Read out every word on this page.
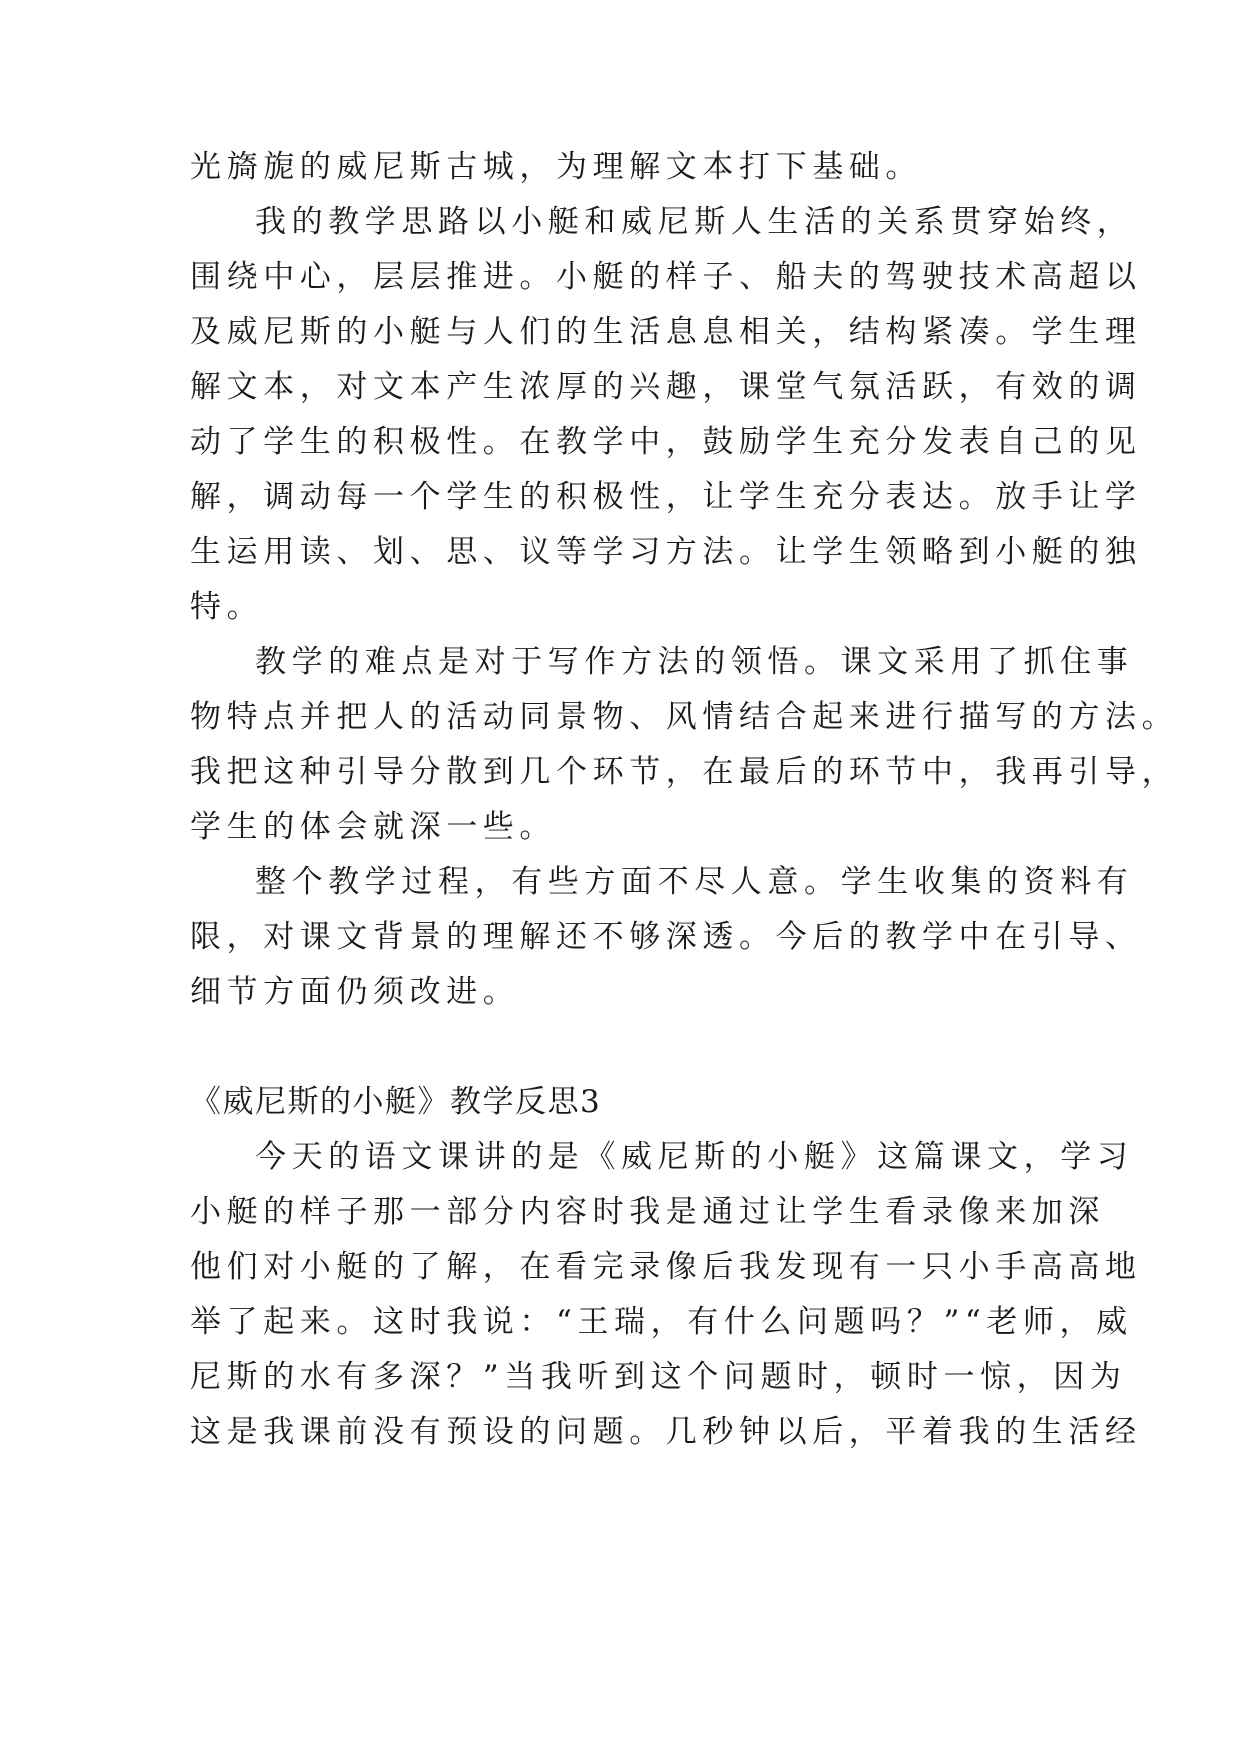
光旖旎的威尼斯古城，为理解文本打下基础。

我的教学思路以小艇和威尼斯人生活的关系贯穿始终，

围绕中心，层层推进。小艇的样子、船夫的驾驶技术高超以

及威尼斯的小艇与人们的生活息息相关，结构紧凑。学生理

解文本，对文本产生浓厚的兴趣，课堂气氛活跃，有效的调

动了学生的积极性。在教学中，鼓励学生充分发表自己的见

解，调动每一个学生的积极性，让学生充分表达。放手让学

生运用读、划、思、议等学习方法。让学生领略到小艇的独

特。

教学的难点是对于写作方法的领悟。课文采用了抓住事

物特点并把人的活动同景物、风情结合起来进行描写的方法。

我把这种引导分散到几个环节，在最后的环节中，我再引导，

学生的体会就深一些。

整个教学过程，有些方面不尽人意。学生收集的资料有

限，对课文背景的理解还不够深透。今后的教学中在引导、

细节方面仍须改进。

《威尼斯的小艇》教学反思3

今天的语文课讲的是《威尼斯的小艇》这篇课文，学习

小艇的样子那一部分内容时我是通过让学生看录像来加深

他们对小艇的了解，在看完录像后我发现有一只小手高高地

举了起来。这时我说：“王瑞，有什么问题吗？”“老师，威

尼斯的水有多深？”当我听到这个问题时，顿时一惊，因为

这是我课前没有预设的问题。几秒钟以后，平着我的生活经
